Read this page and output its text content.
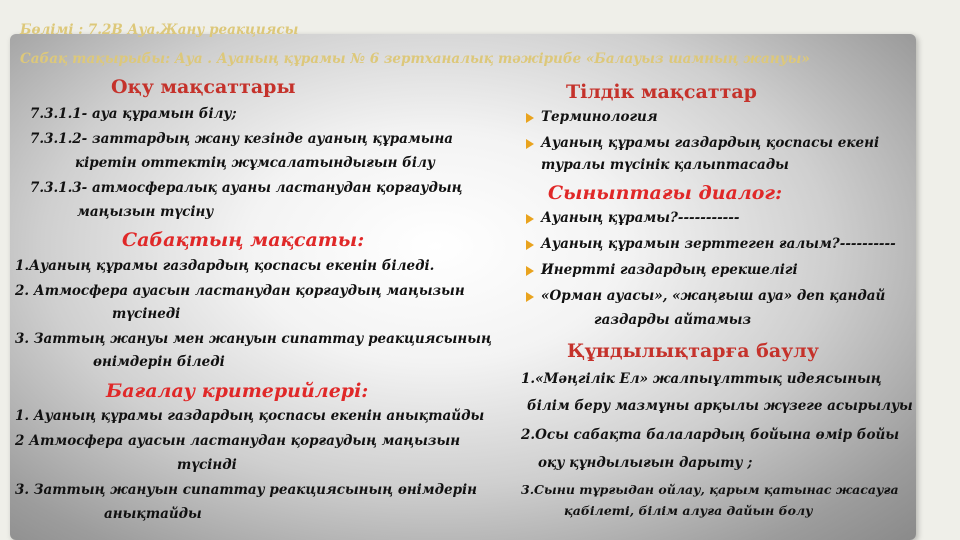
Бөлімі : 7.2В Ауа.Жану реакциясы
Сабақ тақырыбы: Ауа . Ауаның құрамы № 6 зертханалық тәжірибе «Балауыз шамның жануы»
Оқу мақсаттары
7.3.1.1- ауа құрамын білу;
7.3.1.2- заттардың жану кезінде ауаның құрамына
кіретін оттектің жұмсалатындығын білу
7.3.1.3- атмосфералық ауаны ластанудан қорғаудың
маңызын түсіну
Сабақтың мақсаты:
1.Ауаның құрамы газдардың қоспасы екенін біледі.
2. Атмосфера ауасын ластанудан қорғаудың маңызын
түсінеді
3. Заттың жануы мен жануын сипаттау реакциясының
өнімдерін біледі
Бағалау критерийлері:
1. Ауаның құрамы газдардың қоспасы екенін анықтайды
2 Атмосфера ауасын ластанудан қорғаудың маңызын
түсінді
3. Заттың жануын сипаттау реакциясының өнімдерін
анықтайды
Тілдік мақсаттар
Терминология
Ауаның құрамы газдардың қоспасы екені
туралы түсінік қалыптасады
Сыныптағы диалог:
Ауаның құрамы?-----------
Ауаның құрамын зерттеген ғалым?----------
Инертті газдардың ерекшелігі
«Орман ауасы», «жаңғыш ауа» деп қандай
газдарды айтамыз
Құндылықтарға баулу
1.«Мәңгілік Ел» жалпыұлттық идеясының
білім беру мазмұны арқылы жүзеге асырылуы
2.Осы сабақта балалардың бойына өмір бойы
оқу құндылығын дарыту ;
3.Сыни тұрғыдан ойлау, қарым қатынас жасауға
қабілеті, білім алуға дайын болу
